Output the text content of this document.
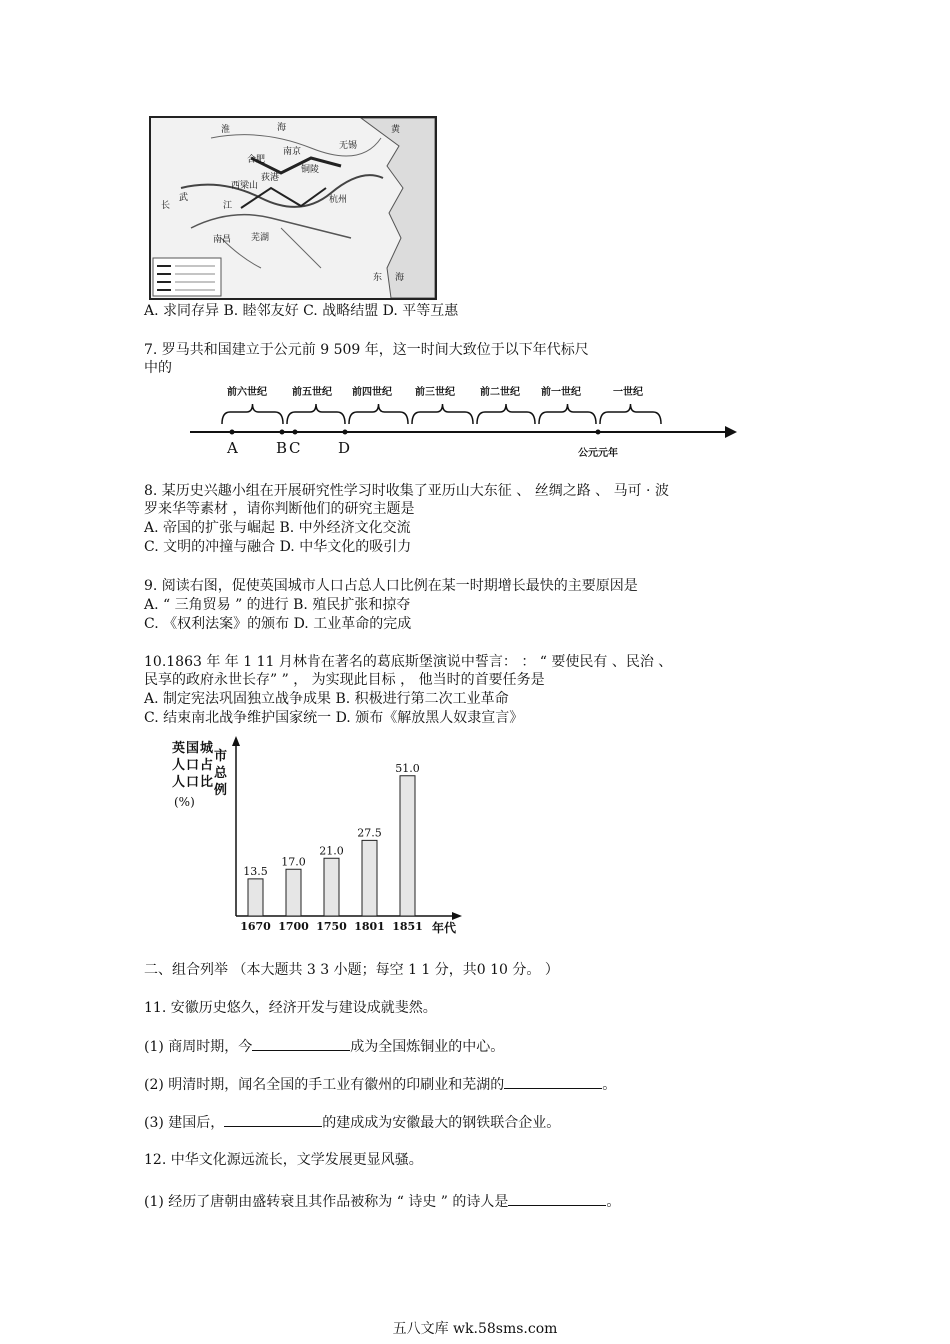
淮	黄
海
南京
合肥
江
长
武
西梁山
芜湖
杭州
南昌
东 海
荻港
铜陵
无锡
A. 求同存异 B. 睦邻友好 C. 战略结盟 D. 平等互惠
7. 罗马共和国建立于公元前 9 509 年，这一时间大致位于以下年代标尺
中的
前六世纪	前五世纪 前四世纪 前三世纪	前二世纪 前一世纪	一世纪
A	B C	D	公元元年
8. 某历史兴趣小组在开展研究性学习时收集了亚历山大东征 、 丝绸之路 、 马可 · 波
罗来华等素材 ，请你判断他们的研究主题是
A. 帝国的扩张与崛起 B. 中外经济文化交流
C. 文明的冲撞与融合 D. 中华文化的吸引力
9. 阅读右图，促使英国城市人口占总人口比例在某一时期增长最快的主要原因是
A. “ 三角贸易 ” 的进行 B. 殖民扩张和掠夺
C. 《权利法案》的颁布 D. 工业革命的完成
10.1863 年 年 1 11 月林肯在著名的葛底斯堡演说中誓言： ： “ 要使民有 、民治 、
民享的政府永世长存” ” ， 为实现此目标 ， 他当时的首要任务是
A. 制定宪法巩固独立战争成果 B. 积极进行第二次工业革命
C. 结束南北战争维护国家统一 D. 颁布《解放黑人奴隶宣言》
英 国 城
市
人 口 占
总
人 口 比
例
(%)
13.5
1670
17.0
1700
21.0
1750
27.5
1801
51.0
1851 年代
二、组合列举 （本大题共 3 3 小题；每空 1 1 分，共0 10 分。 ）
11. 安徽历史悠久，经济开发与建设成就斐然。
(1) 商周时期，今	成为全国炼铜业的中心。
(2) 明清时期，闻名全国的手工业有徽州的印刷业和芜湖的	。
(3) 建国后，	的建成成为安徽最大的钢铁联合企业。
12. 中华文化源远流长，文学发展更显风骚。
(1) 经历了唐朝由盛转衰且其作品被称为 “ 诗史 ” 的诗人是	。
五八文库 wk.58sms.com
